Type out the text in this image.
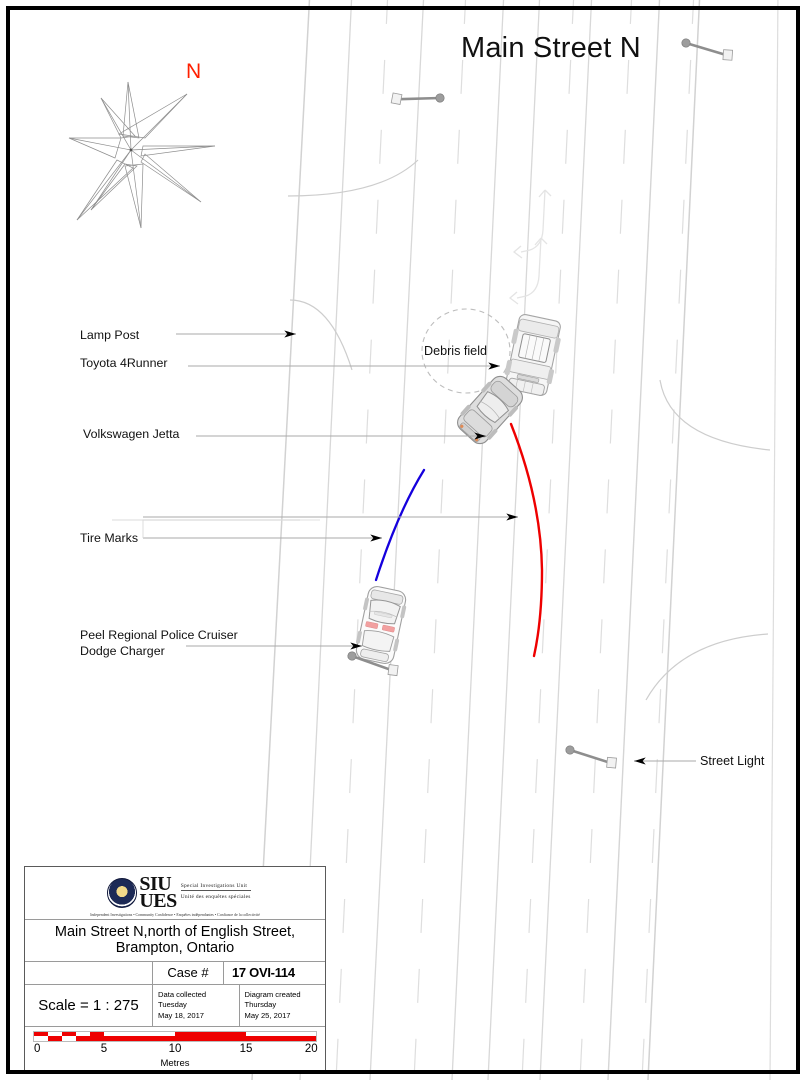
Main Street N
N
Lamp Post
Toyota 4Runner
Volkswagen Jetta
Tire Marks
Peel Regional Police Cruiser
Dodge Charger
Debris field
Street Light
SIU
UES
Special Investigations Unit
Unité des enquêtes spéciales
Independent Investigations • Community Confidence • Enquêtes indépendantes • Confiance de la collectivité
Main Street N,north of English Street,
Brampton, Ontario
Case #	17 OVI-114
Scale = 1 : 275
Data collected Tuesday
May 18, 2017
Diagram created Thursday
May 25, 2017
0	5	10	15	20
Metres
